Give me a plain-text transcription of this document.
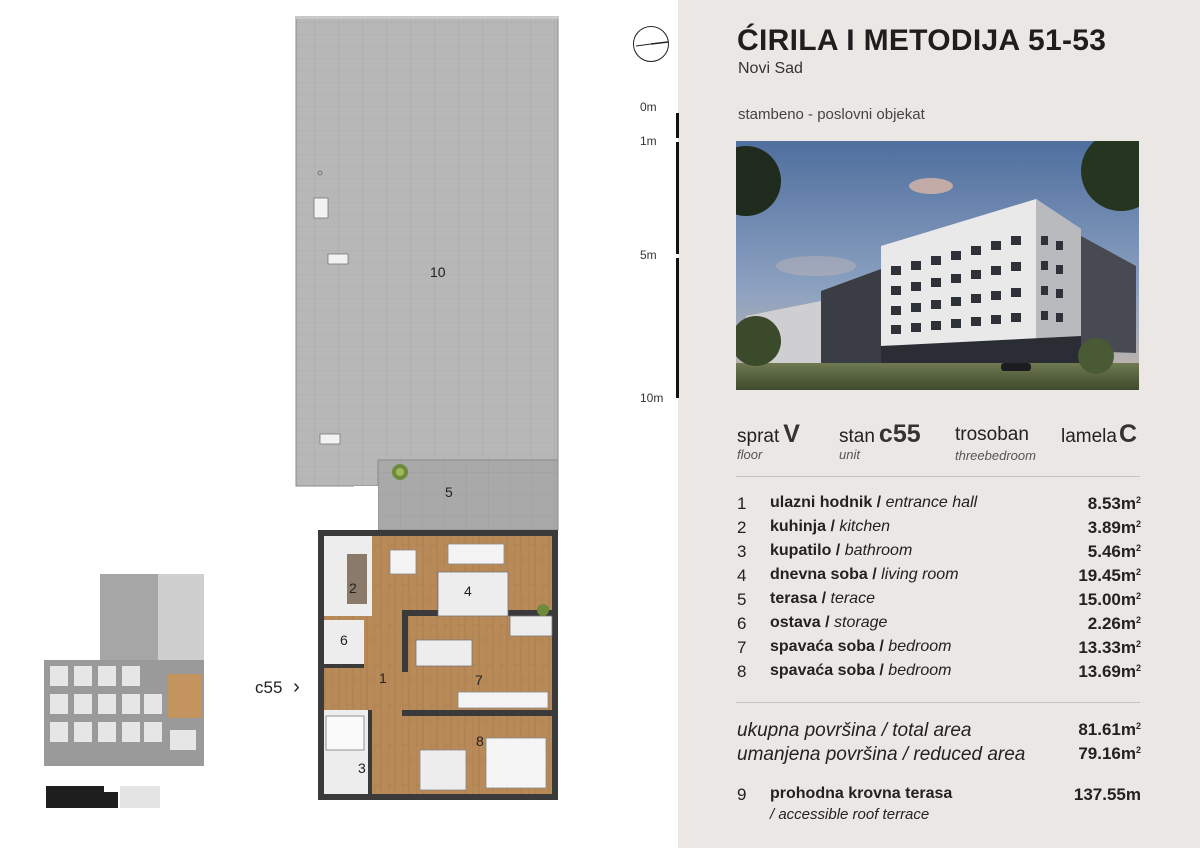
ĆIRILA I METODIJA 51-53
Novi Sad
stambeno - poslovni objekat
0m
1m
5m
10m
sprat V
floor
stan c55
unit
trosoban
threebedroom
lamelaC
1 ulazni hodnik / entrance hall	$8.53m^2$
2 kuhinja / kitchen	$3.89m^2$
3 kupatilo / bathroom	$5.46m^2$
4 dnevna soba / living room	$19.45m^2$
5 terasa / terace	$15.00m^2$
6 ostava / storage	$2.26m^2$
7 spavaća soba / bedroom	$13.33m^2$
8 spavaća soba / bedroom	$13.69m^2$
ukupna površina / total area	$81.61m^2$
umanjena površina / reduced area	$79.16m^2$
9 prohodna krovna terasa	137.55m
/ accessible roof terrace
10
5
2	4
6
1	7
8
3
c55 ›
